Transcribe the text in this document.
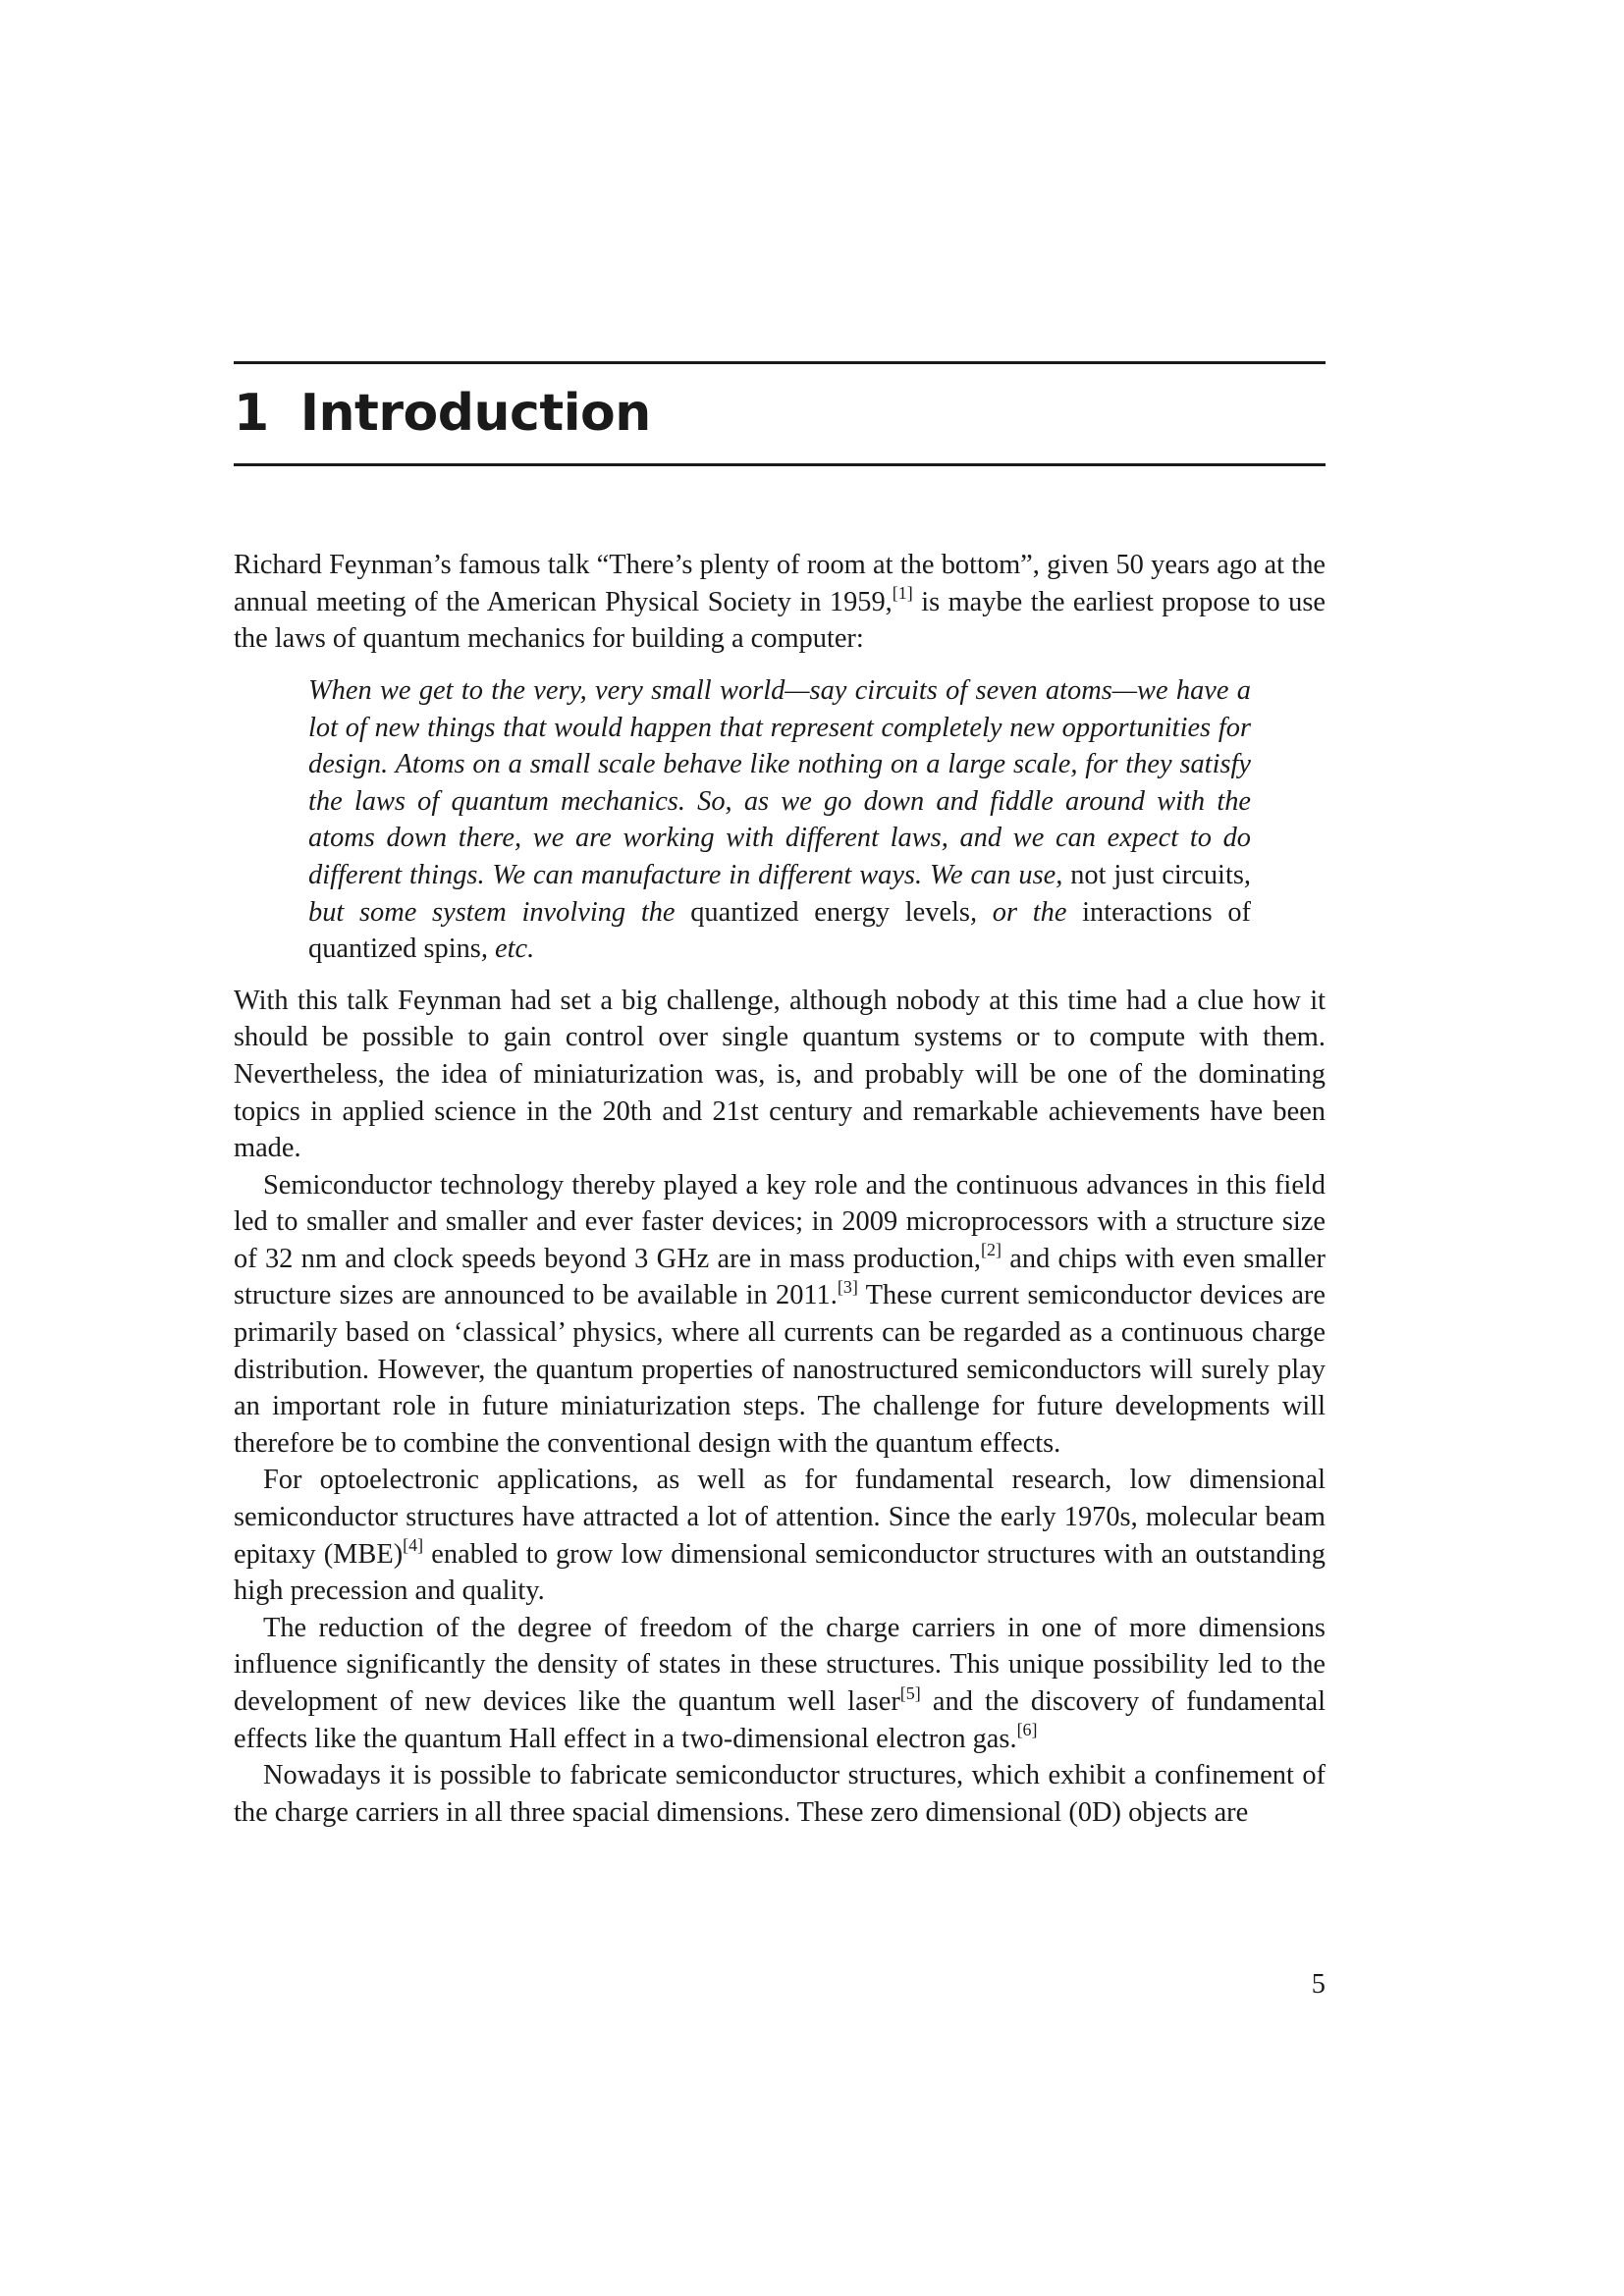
1 Introduction

Richard Feynman’s famous talk “There’s plenty of room at the bottom”, given 50 years ago at the annual meeting of the American Physical Society in 1959,[1] is maybe the earliest propose to use the laws of quantum mechanics for building a computer:

When we get to the very, very small world—say circuits of seven atoms—we have a lot of new things that would happen that represent completely new opportunities for design. Atoms on a small scale behave like nothing on a large scale, for they satisfy the laws of quantum mechanics. So, as we go down and fiddle around with the atoms down there, we are working with different laws, and we can expect to do different things. We can manufacture in different ways. We can use, not just circuits, but some system involving the quantized energy levels, or the interactions of quantized spins, etc.

With this talk Feynman had set a big challenge, although nobody at this time had a clue how it should be possible to gain control over single quantum systems or to compute with them. Nevertheless, the idea of miniaturization was, is, and probably will be one of the dominating topics in applied science in the 20th and 21st century and remarkable achievements have been made.

Semiconductor technology thereby played a key role and the continuous advances in this field led to smaller and smaller and ever faster devices; in 2009 microprocessors with a structure size of 32 nm and clock speeds beyond 3 GHz are in mass production,[2] and chips with even smaller structure sizes are announced to be available in 2011.[3] These current semiconductor devices are primarily based on ‘classical’ physics, where all currents can be regarded as a continuous charge distribution. However, the quantum properties of nanostructured semiconductors will surely play an important role in future miniaturization steps. The challenge for future developments will therefore be to combine the conventional design with the quantum effects.

For optoelectronic applications, as well as for fundamental research, low dimensional semiconductor structures have attracted a lot of attention. Since the early 1970s, molecular beam epitaxy (MBE)[4] enabled to grow low dimensional semiconductor structures with an outstanding high precession and quality.

The reduction of the degree of freedom of the charge carriers in one of more dimensions influence significantly the density of states in these structures. This unique possibility led to the development of new devices like the quantum well laser[5] and the discovery of fundamental effects like the quantum Hall effect in a two-dimensional electron gas.[6]

Nowadays it is possible to fabricate semiconductor structures, which exhibit a confinement of the charge carriers in all three spacial dimensions. These zero dimensional (0D) objects are

5
